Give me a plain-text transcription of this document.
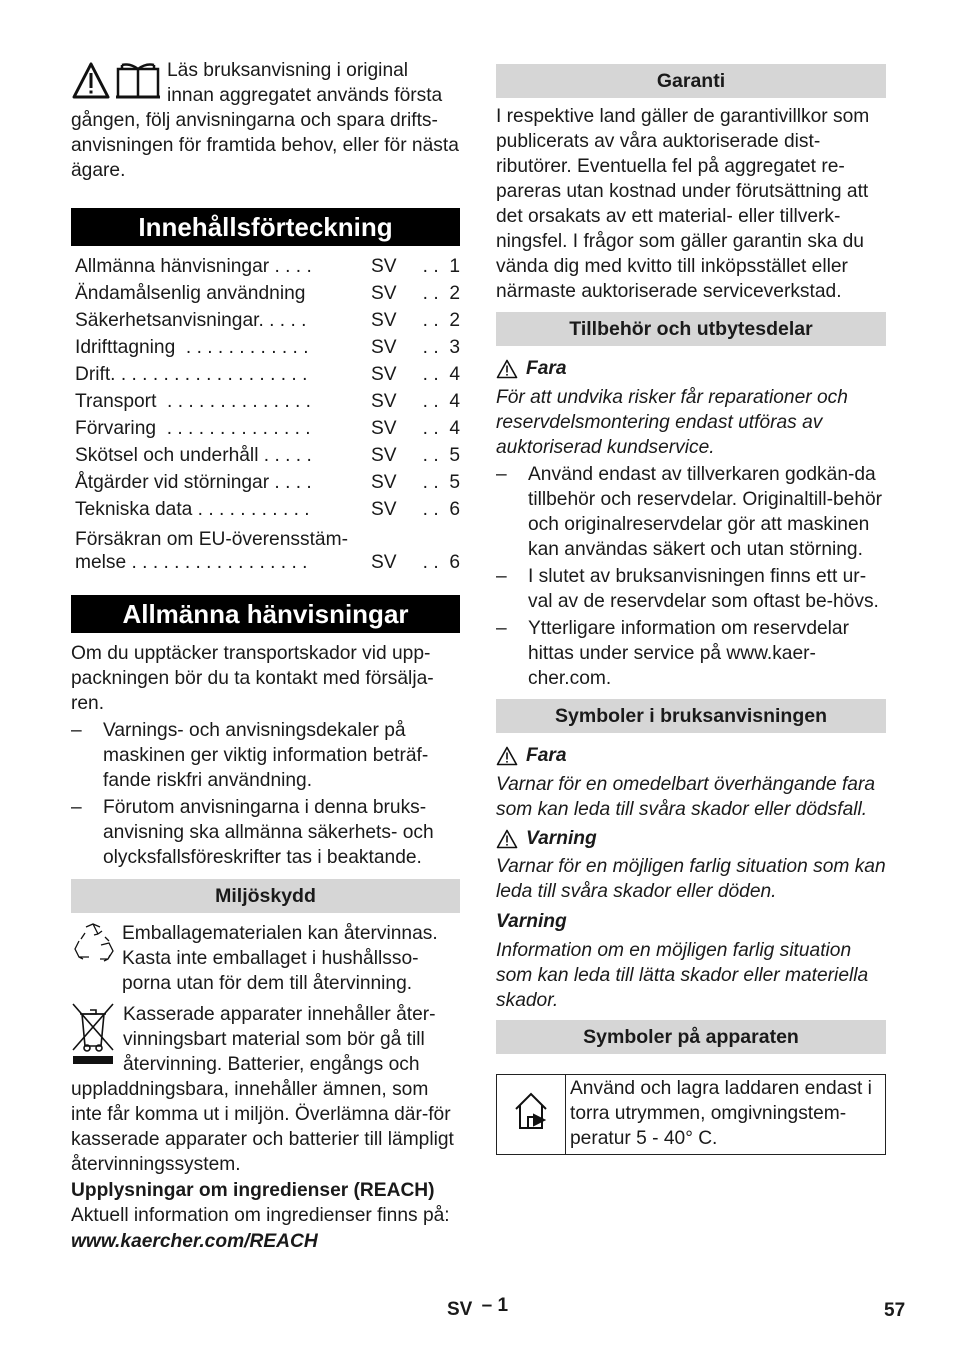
Läs bruksanvisning i original

innan aggregatet används första

gången, följ anvisningarna och spara drifts-anvisningen för framtida behov, eller för nästa ägare.

Innehållsförteckning
Allmänna hänvisningar . . . .	SV	. .  1
Ändamålsenlig användning	SV	. .  2
Säkerhetsanvisningar. . . . .	SV	. .  2
Idrifttagning  . . . . . . . . . . . .	SV	. .  3
Drift. . . . . . . . . . . . . . . . . . .	SV	. .  4
Transport  . . . . . . . . . . . . . .	SV	. .  4
Förvaring  . . . . . . . . . . . . . .	SV	. .  4
Skötsel och underhåll . . . . .	SV	. .  5
Åtgärder vid störningar . . . .	SV	. .  5
Tekniska data . . . . . . . . . . .	SV	. .  6
Försäkran om EU-överensstäm-
melse . . . . . . . . . . . . . . . . .	SV	. .  6
Allmänna hänvisningar

Om du upptäcker transportskador vid upp-packningen bör du ta kontakt med försälja-ren.

– Varnings- och anvisningsdekaler på maskinen ger viktig information beträf-fande riskfri användning.
– Förutom anvisningarna i denna bruks-anvisning ska allmänna säkerhets- och olycksfallsföreskrifter tas i beaktande.
Miljöskydd

Emballagematerialen kan återvinnas. Kasta inte emballaget i hushållsso-porna utan för dem till återvinning.

Kasserade apparater innehåller åter-vinningsbart material som bör gå till återvinning. Batterier, engångs och uppladdningsbara, innehåller ämnen, som inte får komma ut i miljön. Överlämna där-för kasserade apparater och batterier till lämpligt återvinningssystem.

Upplysningar om ingredienser (REACH)

Aktuell information om ingredienser finns på:

www.kaercher.com/REACH

Garanti

I respektive land gäller de garantivillkor som publicerats av våra auktoriserade dist-ributörer. Eventuella fel på aggregatet re-pareras utan kostnad under förutsättning att det orsakats av ett material- eller tillverk-ningsfel. I frågor som gäller garantin ska du vända dig med kvitto till inköpsstället eller närmaste auktoriserade serviceverkstad.

Tillbehör och utbytesdelar
Fara

För att undvika risker får reparationer och reservdelsmontering endast utföras av auktoriserad kundservice.

– Använd endast av tillverkaren godkän-da tillbehör och reservdelar. Originaltill-behör och originalreservdelar gör att maskinen kan användas säkert och utan störning.
– I slutet av bruksanvisningen finns ett ur-val av de reservdelar som oftast be-hövs.
– Ytterligare information om reservdelar hittas under service på www.kaer-cher.com.
Symboler i bruksanvisningen
Fara

Varnar för en omedelbart överhängande fara som kan leda till svåra skador eller dödsfall.

Varning

Varnar för en möjligen farlig situation som kan leda till svåra skador eller döden.

Varning

Information om en möjligen farlig situation som kan leda till lätta skador eller materiella skador.

Symboler på apparaten
	Använd och lagra laddaren endast i torra utrymmen, omgivningstem-peratur 5 - 40° C.
SV – 1	57
